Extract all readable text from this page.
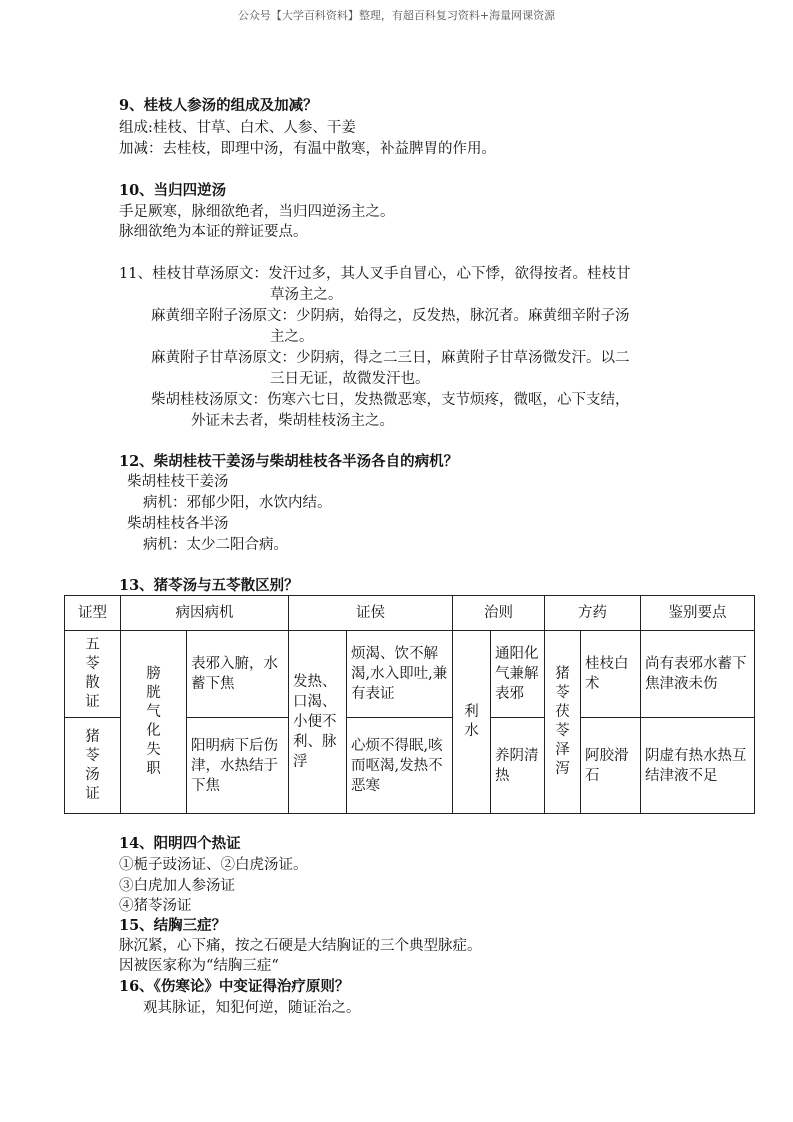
公众号【大学百科资料】整理，有超百科复习资料+海量网课资源
9、桂枝人参汤的组成及加减？
组成:桂枝、甘草、白术、人参、干姜
加减：去桂枝，即理中汤，有温中散寒，补益脾胃的作用。
10、当归四逆汤
手足厥寒，脉细欲绝者，当归四逆汤主之。
脉细欲绝为本证的辩证要点。
11、桂枝甘草汤原文：发汗过多，其人叉手自冒心，心下悸，欲得按者。桂枝甘
草汤主之。
麻黄细辛附子汤原文：少阴病，始得之，反发热，脉沉者。麻黄细辛附子汤
主之。
麻黄附子甘草汤原文：少阴病，得之二三日，麻黄附子甘草汤微发汗。以二
三日无证，故微发汗也。
柴胡桂枝汤原文：伤寒六七日，发热微恶寒，支节烦疼，微呕，心下支结，
外证未去者，柴胡桂枝汤主之。
12、柴胡桂枝干姜汤与柴胡桂枝各半汤各自的病机？
柴胡桂枝干姜汤
病机：邪郁少阳，水饮内结。
柴胡桂枝各半汤
病机：太少二阳合病。
13、猪苓汤与五苓散区别？
证型	病因病机		证侯		治则		方药		鉴别要点

五苓散证	膀胱气化失职	表邪入腑，水蓄下焦	发热、口渴、小便不利、脉浮	烦渴、饮不解渴,水入即吐,兼有表证	利水	通阳化气兼解表邪	猪苓茯苓泽泻	桂枝白术	尚有表邪水蓄下焦津液未伤

猪苓汤证		阳明病下后伤津，水热结于下焦		心烦不得眠,咳而呕渴,发热不恶寒		养阴清热		阿胶滑石	阴虚有热水热互结津液不足
14、阳明四个热证
①栀子豉汤证、②白虎汤证。
③白虎加人参汤证
④猪苓汤证
15、结胸三症？
脉沉紧，心下痛，按之石硬是大结胸证的三个典型脉症。
因被医家称为“结胸三症“
16、《伤寒论》中变证得治疗原则？
观其脉证，知犯何逆，随证治之。
